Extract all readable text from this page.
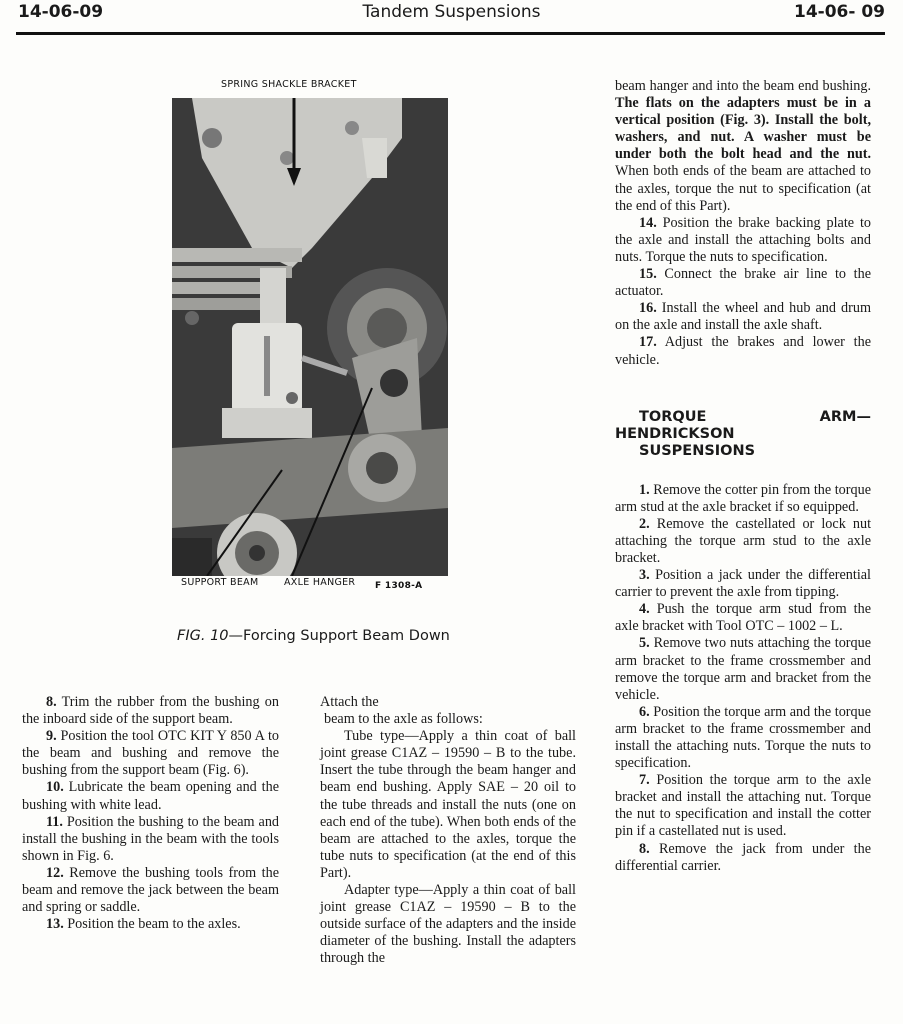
14-06-09	Tandem Suspensions	14-06- 09
SPRING SHACKLE BRACKET
SUPPORT BEAM	AXLE HANGER F 1308-A
FIG. 10—Forcing Support Beam Down

8. Trim the rubber from the bushing on the inboard side of the support beam.

9. Position the tool OTC KIT Y 850 A to the beam and bushing and remove the bushing from the support beam (Fig. 6).

10. Lubricate the beam opening and the bushing with white lead.

11. Position the bushing to the beam and install the bushing in the beam with the tools shown in Fig. 6.

12. Remove the bushing tools from the beam and remove the jack between the beam and spring or saddle.

13. Position the beam to the axles.

Attach the

beam to the axle as follows:

Tube type—Apply a thin coat of ball joint grease C1AZ – 19590 – B to the tube. Insert the tube through the beam hanger and beam end bushing. Apply SAE – 20 oil to the tube threads and install the nuts (one on each end of the tube). When both ends of the beam are attached to the axles, torque the tube nuts to specification (at the end of this Part).

Adapter type—Apply a thin coat of ball joint grease C1AZ – 19590 – B to the outside surface of the adapters and the inside diameter of the bushing. Install the adapters through the

beam hanger and into the beam end bushing. The flats on the adapters must be in a vertical position (Fig. 3). Install the bolt, washers, and nut. A washer must be under both the bolt head and the nut. When both ends of the beam are attached to the axles, torque the nut to specification (at the end of this Part).

14. Position the brake backing plate to the axle and install the attaching bolts and nuts. Torque the nuts to specification.

15. Connect the brake air line to the actuator.

16. Install the wheel and hub and drum on the axle and install the axle shaft.

17. Adjust the brakes and lower the vehicle.

TORQUE ARM—HENDRICKSON

SUSPENSIONS

1. Remove the cotter pin from the torque arm stud at the axle bracket if so equipped.

2. Remove the castellated or lock nut attaching the torque arm stud to the axle bracket.

3. Position a jack under the differential carrier to prevent the axle from tipping.

4. Push the torque arm stud from the axle bracket with Tool OTC – 1002 – L.

5. Remove two nuts attaching the torque arm bracket to the frame crossmember and remove the torque arm and bracket from the vehicle.

6. Position the torque arm and the torque arm bracket to the frame crossmember and install the attaching nuts. Torque the nuts to specification.

7. Position the torque arm to the axle bracket and install the attaching nut. Torque the nut to specification and install the cotter pin if a castellated nut is used.

8. Remove the jack from under the differential carrier.
